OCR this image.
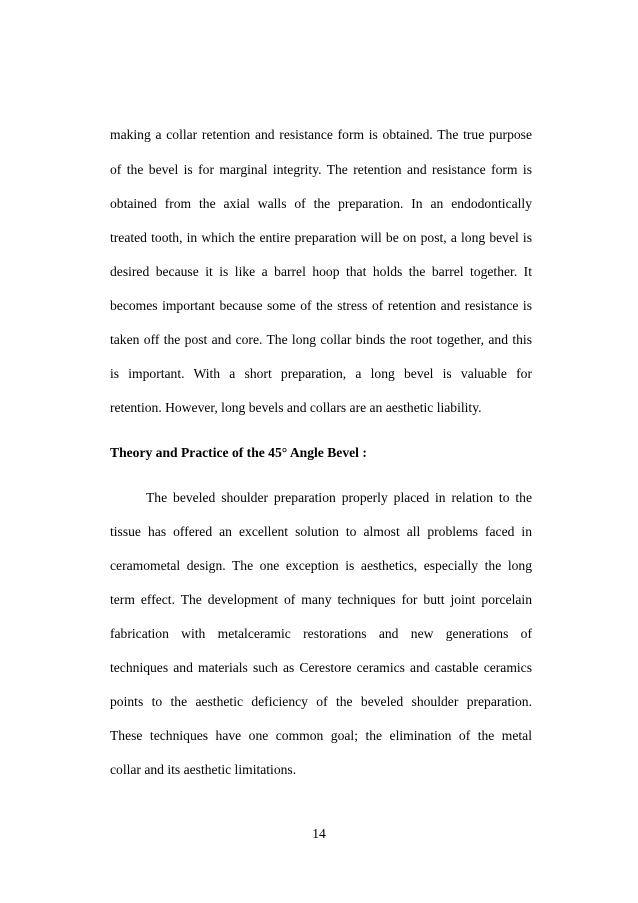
making a collar retention and resistance form is obtained. The true purpose
of the bevel is for marginal integrity. The retention and resistance form is
obtained from the axial walls of the preparation. In an endodontically
treated tooth, in which the entire preparation will be on post, a long bevel is
desired because it is like a barrel hoop that holds the barrel together. It
becomes important because some of the stress of retention and resistance is
taken off the post and core. The long collar binds the root together, and this
is important. With a short preparation, a long bevel is valuable for
retention. However, long bevels and collars are an aesthetic liability.
Theory and Practice of the 45° Angle Bevel :
The beveled shoulder preparation properly placed in relation to the
tissue has offered an excellent solution to almost all problems faced in
ceramometal design. The one exception is aesthetics, especially the long
term effect. The development of many techniques for butt joint porcelain
fabrication with metalceramic restorations and new generations of
techniques and materials such as Cerestore ceramics and castable ceramics
points to the aesthetic deficiency of the beveled shoulder preparation.
These techniques have one common goal; the elimination of the metal
collar and its aesthetic limitations.
14
